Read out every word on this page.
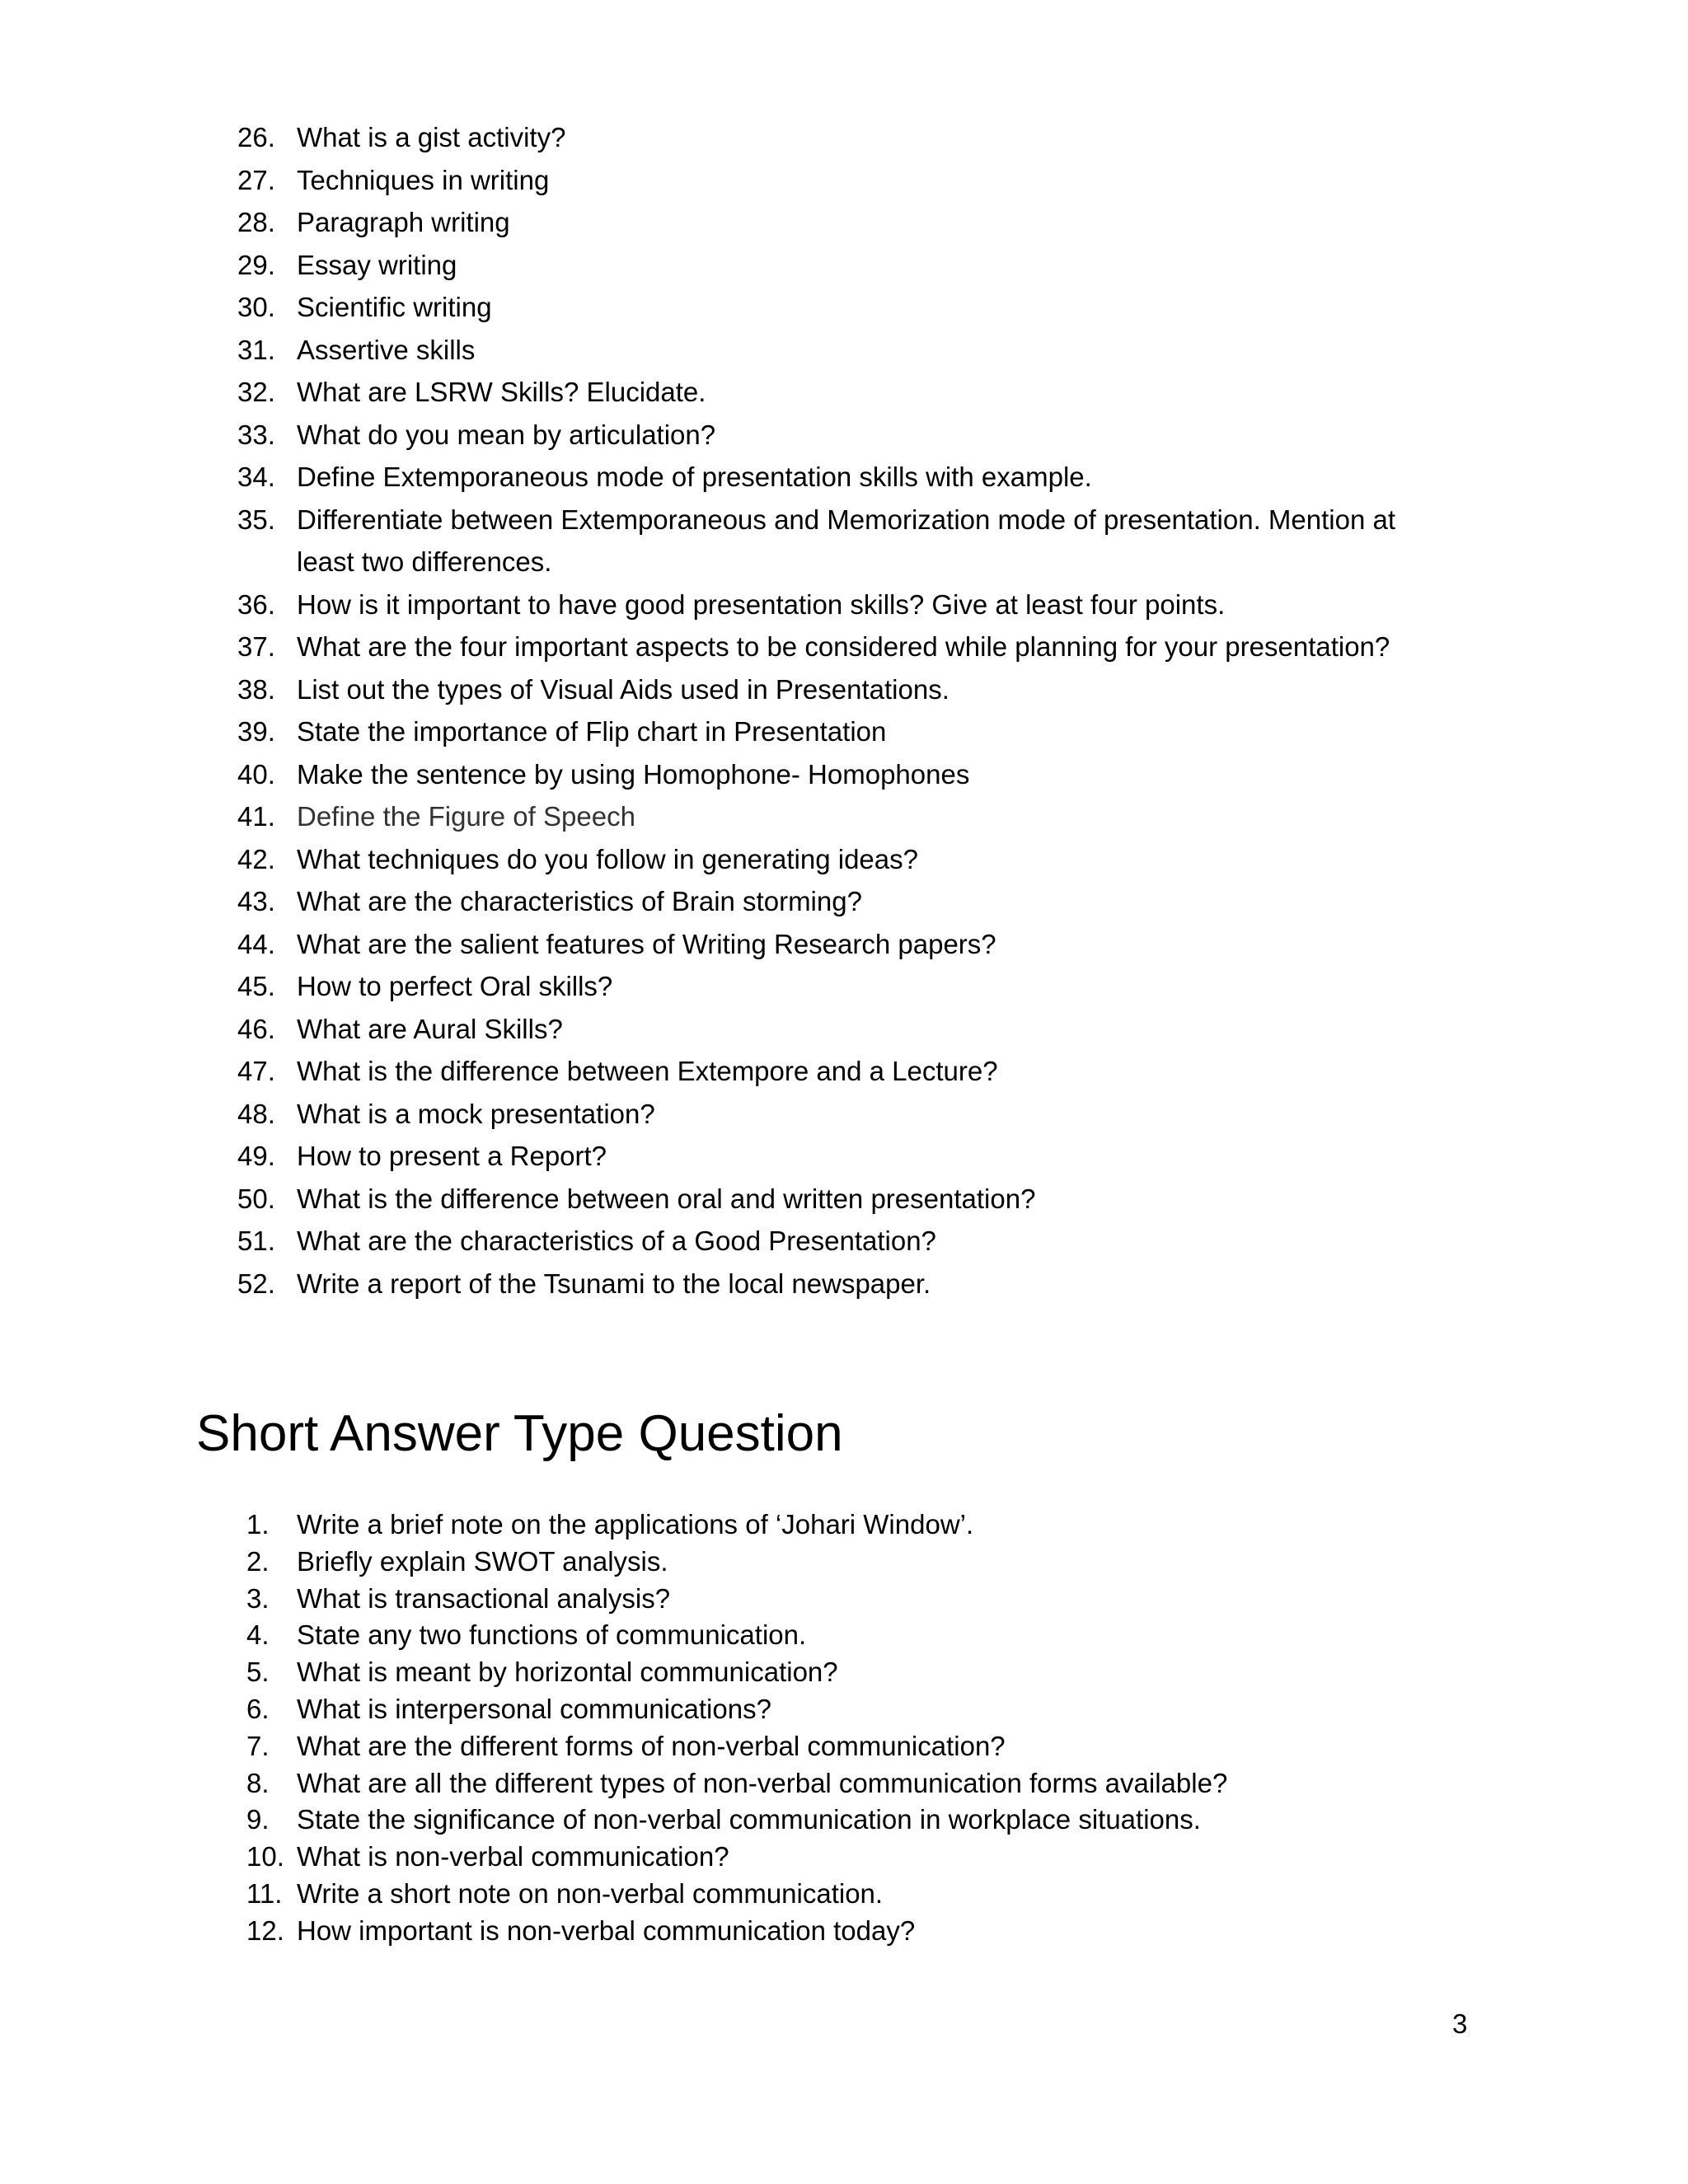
26. What is a gist activity?
27. Techniques in writing
28. Paragraph writing
29. Essay writing
30. Scientific writing
31. Assertive skills
32. What are LSRW Skills? Elucidate.
33. What do you mean by articulation?
34. Define Extemporaneous mode of presentation skills with example.
35. Differentiate between Extemporaneous and Memorization mode of presentation. Mention at least two differences.
36. How is it important to have good presentation skills? Give at least four points.
37. What are the four important aspects to be considered while planning for your presentation?
38. List out the types of Visual Aids used in Presentations.
39. State the importance of Flip chart in Presentation
40. Make the sentence by using Homophone- Homophones
41. Define the Figure of Speech
42. What techniques do you follow in generating ideas?
43. What are the characteristics of Brain storming?
44. What are the salient features of Writing Research papers?
45. How to perfect Oral skills?
46. What are Aural Skills?
47. What is the difference between Extempore and a Lecture?
48. What is a mock presentation?
49. How to present a Report?
50. What is the difference between oral and written presentation?
51. What are the characteristics of a Good Presentation?
52. Write a report of the Tsunami to the local newspaper.
Short Answer Type Question
1.	Write a brief note on the applications of ‘Johari Window’.
2.	Briefly explain SWOT analysis.
3.	What is transactional analysis?
4.	State any two functions of communication.
5.	What is meant by horizontal communication?
6.	What is interpersonal communications?
7.	What are the different forms of non-verbal communication?
8.	What are all the different types of non-verbal communication forms available?
9.	State the significance of non-verbal communication in workplace situations.
10. What is non-verbal communication?
11. Write a short note on non-verbal communication.
12. How important is non-verbal communication today?
3
